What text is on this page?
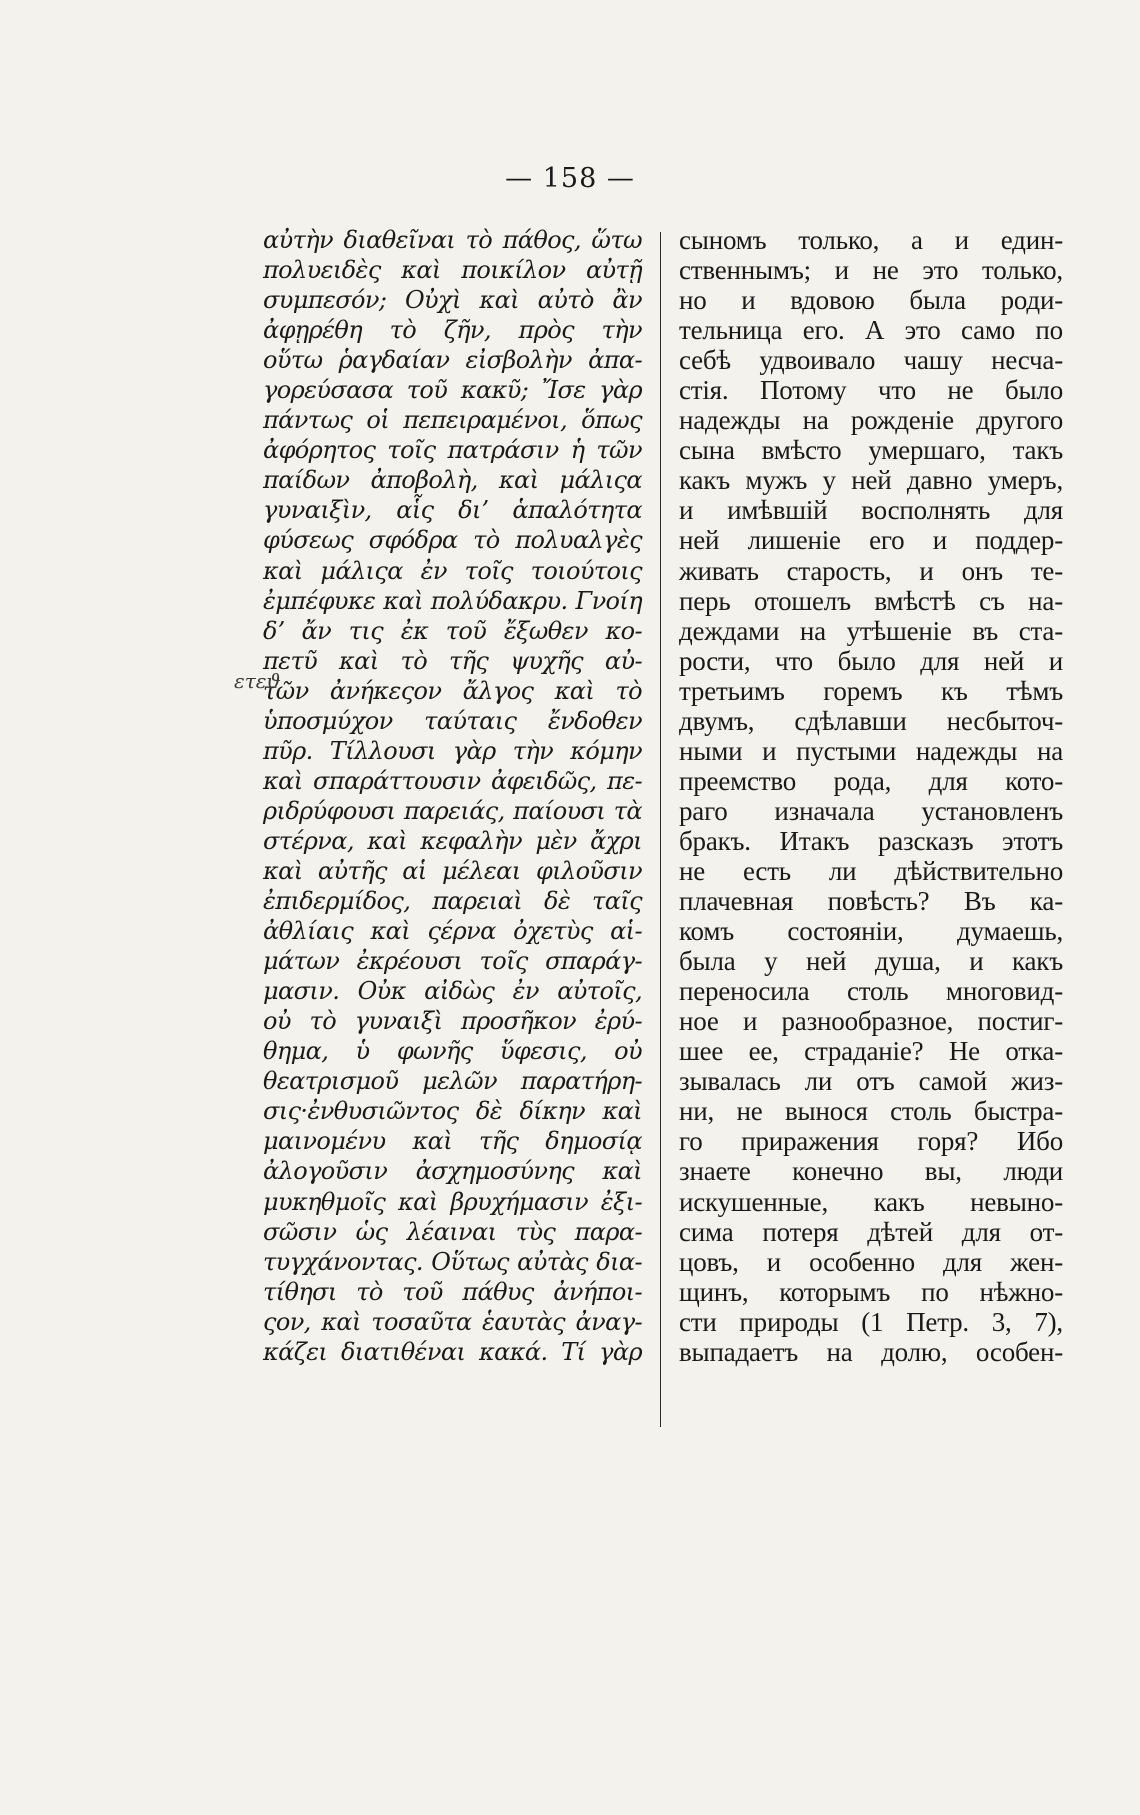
— 158 —
αὐτὴν διαθεῖναι τὸ πάθος, ὥτω
πολυειδὲς καὶ ποικίλον αὐτῇ
συμπεσόν; Οὐχὶ καὶ αὐτὸ ἂν
ἀφῃρέθη τὸ ζῆν, πρὸς τὴν
οὕτω ῥαγδαίαν εἰσβολὴν ἀπα-
γορεύσασα τοῦ κακῦ; Ἴσε γὰρ
πάντως οἱ πεπειραμένοι, ὅπως
ἀφόρητος τοῖς πατράσιν ἡ τῶν
παίδων ἀποβολὴ, καὶ μάλιςα
γυναιξὶν, αἷς διʼ ἁπαλότητα
φύσεως σφόδρα τὸ πολυαλγὲς
καὶ μάλιςα ἐν τοῖς τοιούτοις
ἐμπέφυκε καὶ πολύδακρυ. Γνοίη
δʼ ἄν τις ἐκ τοῦ ἔξωθεν κο-
πετῦ καὶ τὸ τῆς ψυχῆς αὐ-
τῶν ἀνήκεςον ἄλγος καὶ τὸ
ὑποσμύχον ταύταις ἔνδοθεν
πῦρ. Τίλλουσι γὰρ τὴν κόμην
καὶ σπαράττουσιν ἀφειδῶς, πε-
ριδρύφουσι παρειάς, παίουσι τὰ
στέρνα, καὶ κεφαλὴν μὲν ἄχρι
καὶ αὐτῆς αἱ μέλεαι φιλοῦσιν
ἐπιδερμίδος, παρειαὶ δὲ ταῖς
ἀθλίαις καὶ ςέρνα ὀχετὺς αἱ-
μάτων ἐκρέουσι τοῖς σπαράγ-
μασιν. Οὐκ αἰδὼς ἐν αὐτοῖς,
οὐ τὸ γυναιξὶ προσῆκον ἐρύ-
θημα, ὑ φωνῆς ὕφεσις, οὐ
θεατρισμοῦ μελῶν παρατήρη-
σις·ἐνθυσιῶντος δὲ δίκην καὶ
μαινομένυ καὶ τῆς δημοσίᾳ
ἀλογοῦσιν ἀσχημοσύνης καὶ
μυκηθμοῖς καὶ βρυχήμασιν ἐξι-
σῶσιν ὡς λέαιναι τὺς παρα-
τυγχάνοντας. Οὕτως αὐτὰς δια-
τίθησι τὸ τοῦ πάθυς ἀνήποι-
ςον, καὶ τοσαῦτα ἑαυτὰς ἀναγ-
κάζει διατιθέναι κακά. Τί γὰρ
ɛτεϑ
сыномъ только, а и един-
ственнымъ; и не это только,
но и вдовою была роди-
тельница его. А это само по
себѣ удвоивало чашу несча-
стія. Потому что не было
надежды на рожденіе другого
сына вмѣсто умершаго, такъ
какъ мужъ у ней давно умеръ,
и имѣвшій восполнять для
ней лишеніе его и поддер-
живать старость, и онъ те-
перь отошелъ вмѣстѣ съ на-
деждами на утѣшеніе въ ста-
рости, что было для ней и
третьимъ горемъ къ тѣмъ
двумъ, сдѣлавши несбыточ-
ными и пустыми надежды на
преемство рода, для кото-
раго изначала установленъ
бракъ. Итакъ разсказъ этотъ
не есть ли дѣйствительно
плачевная повѣсть? Въ ка-
комъ состояніи, думаешь,
была у ней душа, и какъ
переносила столь многовид-
ное и разнообразное, постиг-
шее ее, страданіе? Не отка-
зывалась ли отъ самой жиз-
ни, не вынося столь быстра-
го приражения горя? Ибо
знаете конечно вы, люди
искушенные, какъ невыно-
сима потеря дѣтей для от-
цовъ, и особенно для жен-
щинъ, которымъ по нѣжно-
сти природы (1 Петр. 3, 7),
выпадаетъ на долю, особен-
